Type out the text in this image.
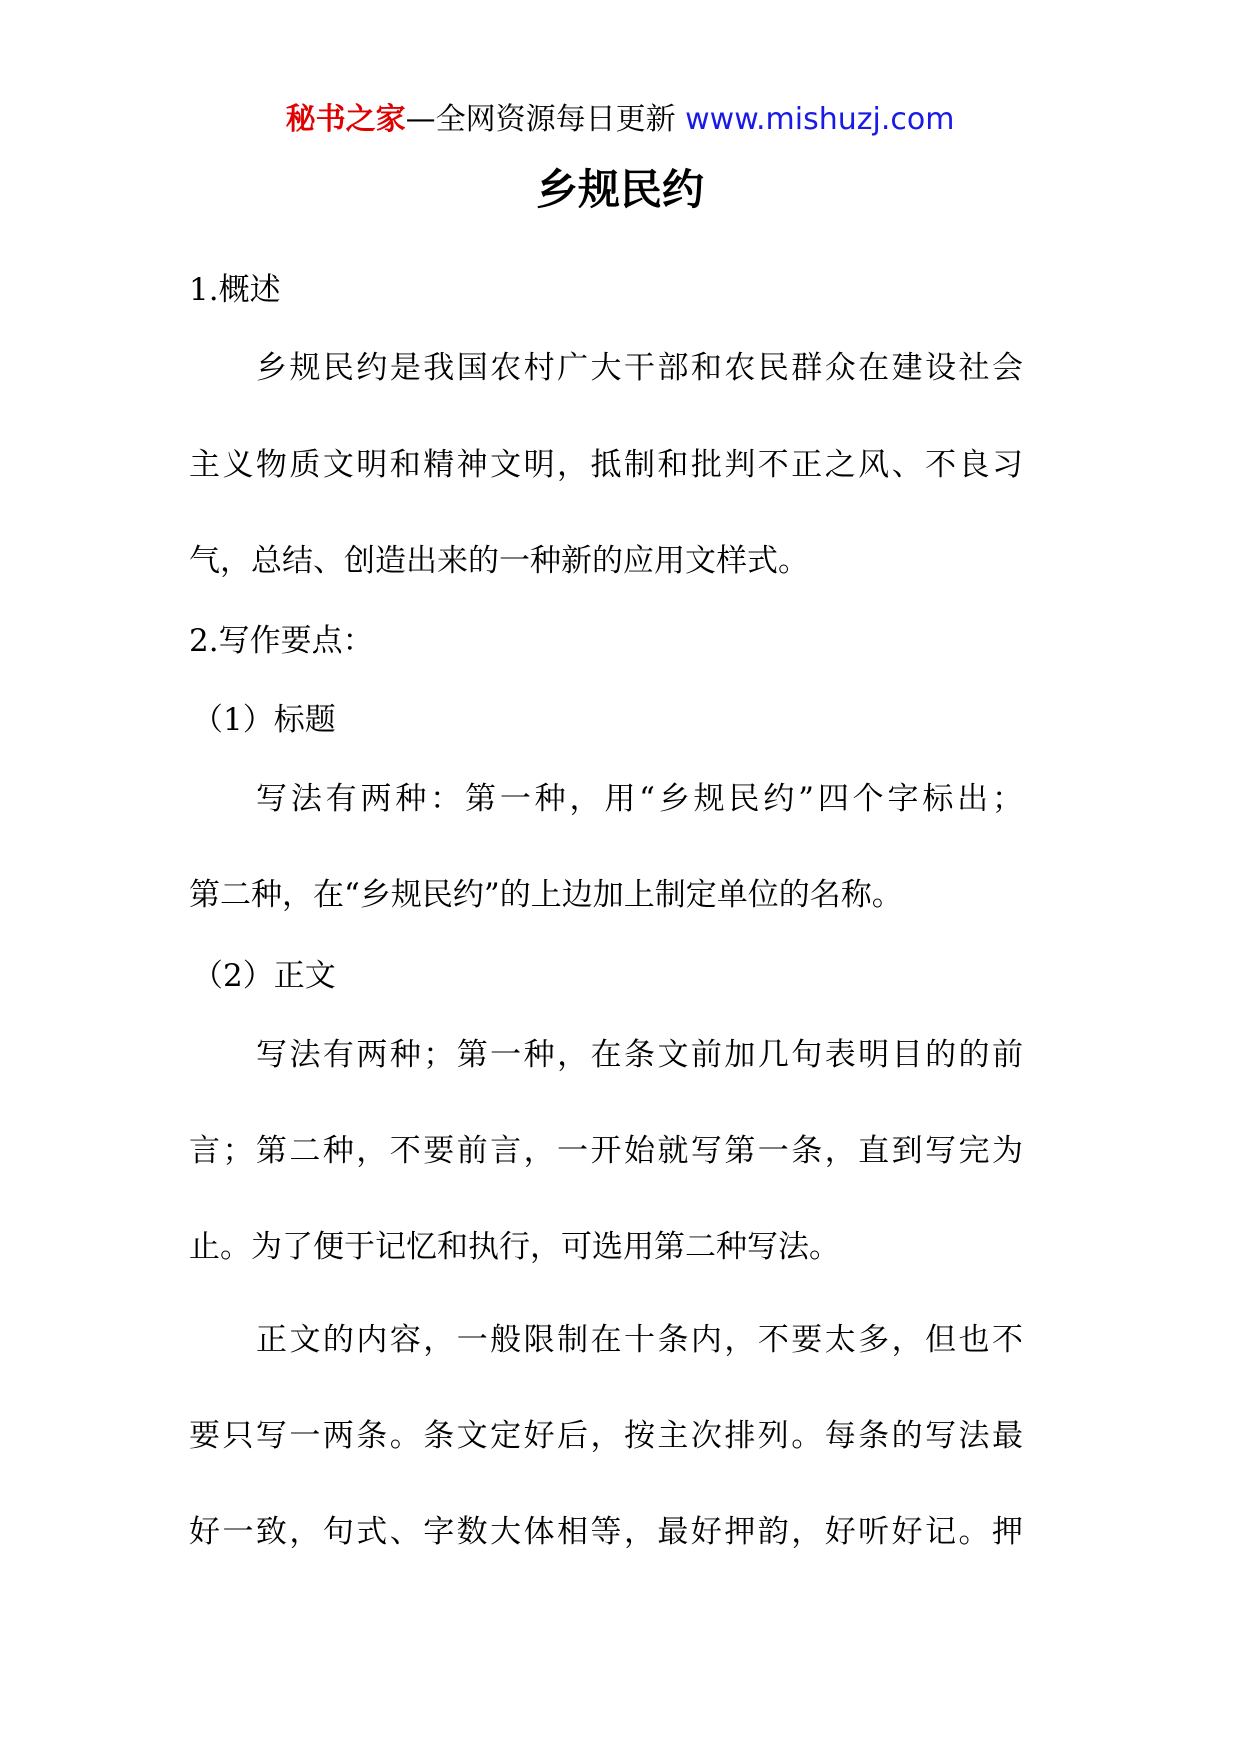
秘书之家—全网资源每日更新 www.mishuzj.com
乡规民约
1.概述
乡规民约是我国农村广大干部和农民群众在建设社会
主义物质文明和精神文明，抵制和批判不正之风、不良习
气，总结、创造出来的一种新的应用文样式。
2.写作要点：
（1）标题
写法有两种：第一种，用“乡规民约”四个字标出；
第二种，在“乡规民约”的上边加上制定单位的名称。
（2）正文
写法有两种；第一种，在条文前加几句表明目的的前
言；第二种，不要前言，一开始就写第一条，直到写完为
止。为了便于记忆和执行，可选用第二种写法。
正文的内容，一般限制在十条内，不要太多，但也不
要只写一两条。条文定好后，按主次排列。每条的写法最
好一致，句式、字数大体相等，最好押韵，好听好记。押
